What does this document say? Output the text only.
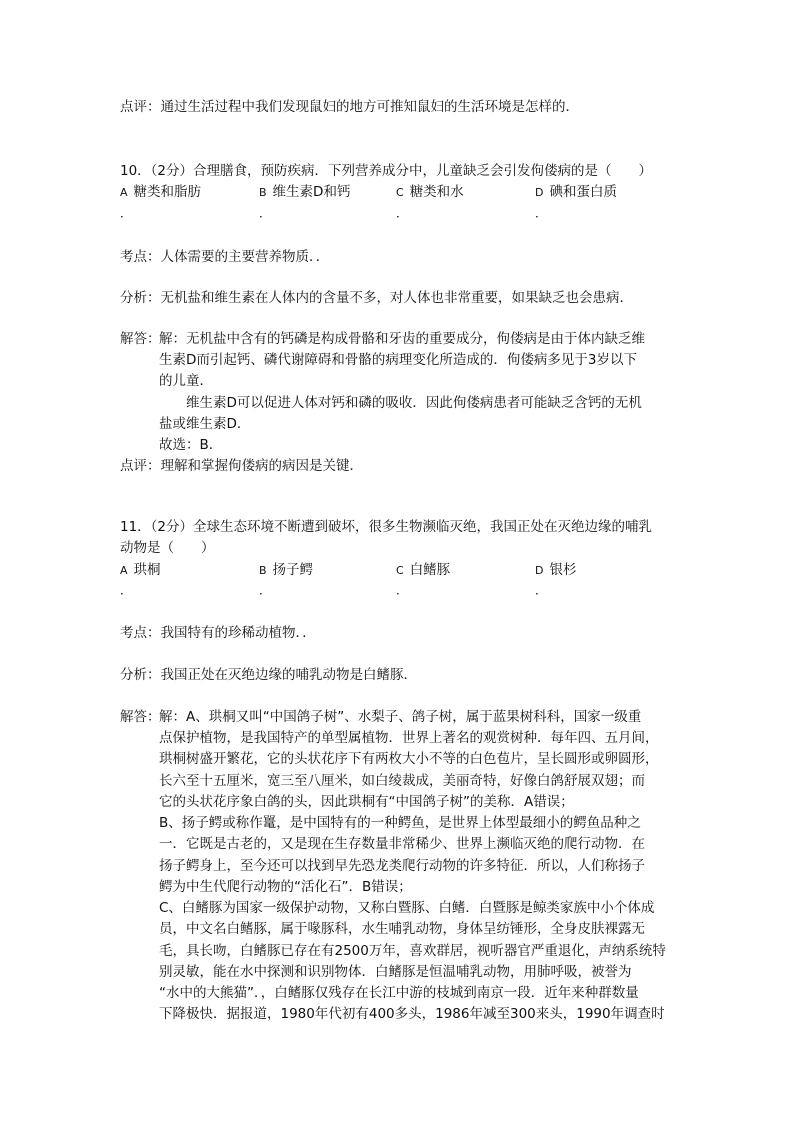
点评：通过生活过程中我们发现鼠妇的地方可推知鼠妇的生活环境是怎样的．
10．（2分）合理膳食，预防疾病．下列营养成分中，儿童缺乏会引发佝偻病的是（　　）
A 糖类和脂肪	B 维生素D和钙	C 糖类和水	D 碘和蛋白质
．	．	．	．
考点：人体需要的主要营养物质．．
分析：无机盐和维生素在人体内的含量不多，对人体也非常重要，如果缺乏也会患病．
解答：
解：无机盐中含有的钙磷是构成骨骼和牙齿的重要成分，佝偻病是由于体内缺乏维
生素D而引起钙、磷代谢障碍和骨骼的病理变化所造成的．佝偻病多见于3岁以下
的儿童．
　　维生素D可以促进人体对钙和磷的吸收．因此佝偻病患者可能缺乏含钙的无机
盐或维生素D．
故选：B．
点评：理解和掌握佝偻病的病因是关键．
11．（2分）全球生态环境不断遭到破坏，很多生物濒临灭绝，我国正处在灭绝边缘的哺乳
动物是（　　）
A 珙桐	B 扬子鳄	C 白鳍豚	D 银杉
．	．	．	．
考点：我国特有的珍稀动植物．．
分析：我国正处在灭绝边缘的哺乳动物是白鳍豚．
解答：
解：A、珙桐又叫“中国鸽子树”、水梨子、鸽子树，属于蓝果树科科，国家一级重
点保护植物，是我国特产的单型属植物．世界上著名的观赏树种．每年四、五月间，
珙桐树盛开繁花，它的头状花序下有两枚大小不等的白色苞片，呈长圆形或卵圆形，
长六至十五厘米，宽三至八厘米，如白绫裁成，美丽奇特，好像白鸽舒展双翅；而
它的头状花序象白鸽的头，因此珙桐有“中国鸽子树”的美称．A错误；
B、扬子鳄或称作鼍，是中国特有的一种鳄鱼，是世界上体型最细小的鳄鱼品种之
一．它既是古老的，又是现在生存数量非常稀少、世界上濒临灭绝的爬行动物．在
扬子鳄身上，至今还可以找到早先恐龙类爬行动物的许多特征．所以，人们称扬子
鳄为中生代爬行动物的“活化石”．B错误；
C、白鳍豚为国家一级保护动物，又称白暨豚、白鳍．白暨豚是鲸类家族中小个体成
员，中文名白鳍豚，属于喙豚科，水生哺乳动物，身体呈纺锤形，全身皮肤裸露无
毛，具长吻，白鳍豚已存在有2500万年，喜欢群居，视听器官严重退化，声纳系统特
别灵敏，能在水中探测和识别物体．白鳍豚是恒温哺乳动物，用肺呼吸，被誉为
“水中的大熊猫”．，白鳍豚仅残存在长江中游的枝城到南京一段．近年来种群数量
下降极快．据报道，1980年代初有400多头，1986年减至300来头，1990年调查时
